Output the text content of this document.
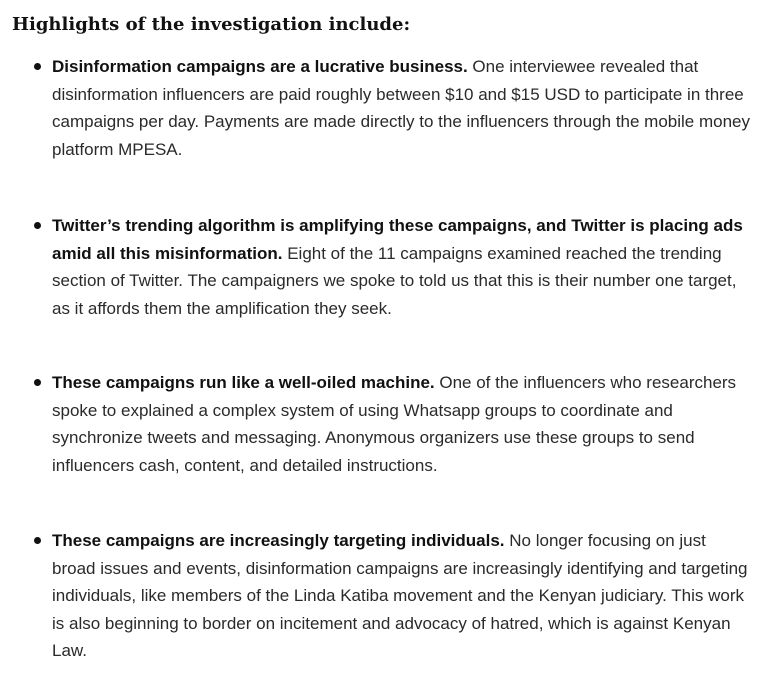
Highlights of the investigation include:
Disinformation campaigns are a lucrative business. One interviewee revealed that disinformation influencers are paid roughly between $10 and $15 USD to participate in three campaigns per day. Payments are made directly to the influencers through the mobile money platform MPESA.
Twitter’s trending algorithm is amplifying these campaigns, and Twitter is placing ads amid all this misinformation. Eight of the 11 campaigns examined reached the trending section of Twitter. The campaigners we spoke to told us that this is their number one target, as it affords them the amplification they seek.
These campaigns run like a well-oiled machine. One of the influencers who researchers spoke to explained a complex system of using Whatsapp groups to coordinate and synchronize tweets and messaging. Anonymous organizers use these groups to send influencers cash, content, and detailed instructions.
These campaigns are increasingly targeting individuals. No longer focusing on just broad issues and events, disinformation campaigns are increasingly identifying and targeting individuals, like members of the Linda Katiba movement and the Kenyan judiciary. This work is also beginning to border on incitement and advocacy of hatred, which is against Kenyan Law.
